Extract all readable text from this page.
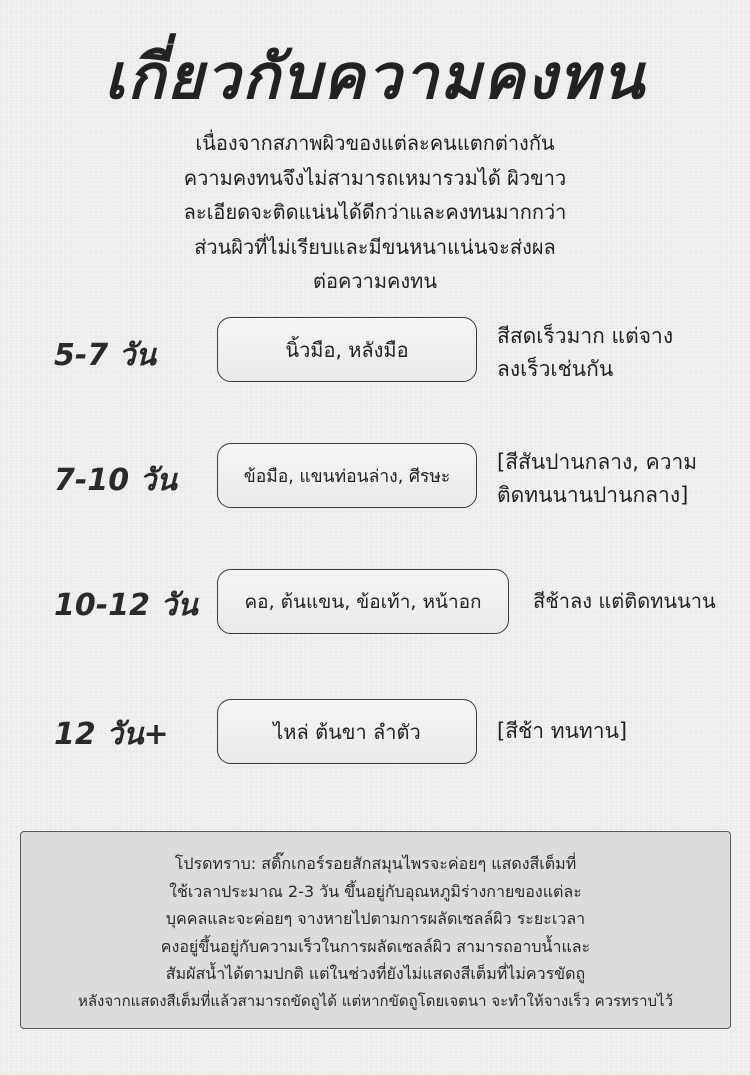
เกี่ยวกับความคงทน
เนื่องจากสภาพผิวของแต่ละคนแตกต่างกัน
ความคงทนจึงไม่สามารถเหมารวมได้ ผิวขาว
ละเอียดจะติดแน่นได้ดีกว่าและคงทนมากกว่า
ส่วนผิวที่ไม่เรียบและมีขนหนาแน่นจะส่งผล
ต่อความคงทน
5-7 วัน	นิ้วมือ, หลังมือ
สีสดเร็วมาก แต่จาง
ลงเร็วเช่นกัน
7-10 วัน	ข้อมือ, แขนท่อนล่าง, ศีรษะ
[สีสันปานกลาง, ความ
ติดทนนานปานกลาง]
10-12 วัน	คอ, ต้นแขน, ข้อเท้า, หน้าอก	สีช้าลง แต่ติดทนนาน
12 วัน+	ไหล่ ต้นขา ลำตัว	[สีช้า ทนทาน]
โปรดทราบ: สติ๊กเกอร์รอยสักสมุนไพรจะค่อยๆ แสดงสีเต็มที่
ใช้เวลาประมาณ 2-3 วัน ขึ้นอยู่กับอุณหภูมิร่างกายของแต่ละ
บุคคลและจะค่อยๆ จางหายไปตามการผลัดเซลล์ผิว ระยะเวลา
คงอยู่ขึ้นอยู่กับความเร็วในการผลัดเซลล์ผิว สามารถอาบน้ำและ
สัมผัสน้ำได้ตามปกติ แต่ในช่วงที่ยังไม่แสดงสีเต็มที่ไม่ควรขัดถู
หลังจากแสดงสีเต็มที่แล้วสามารถขัดถูได้ แต่หากขัดถูโดยเจตนา จะทำให้จางเร็ว ควรทราบไว้
